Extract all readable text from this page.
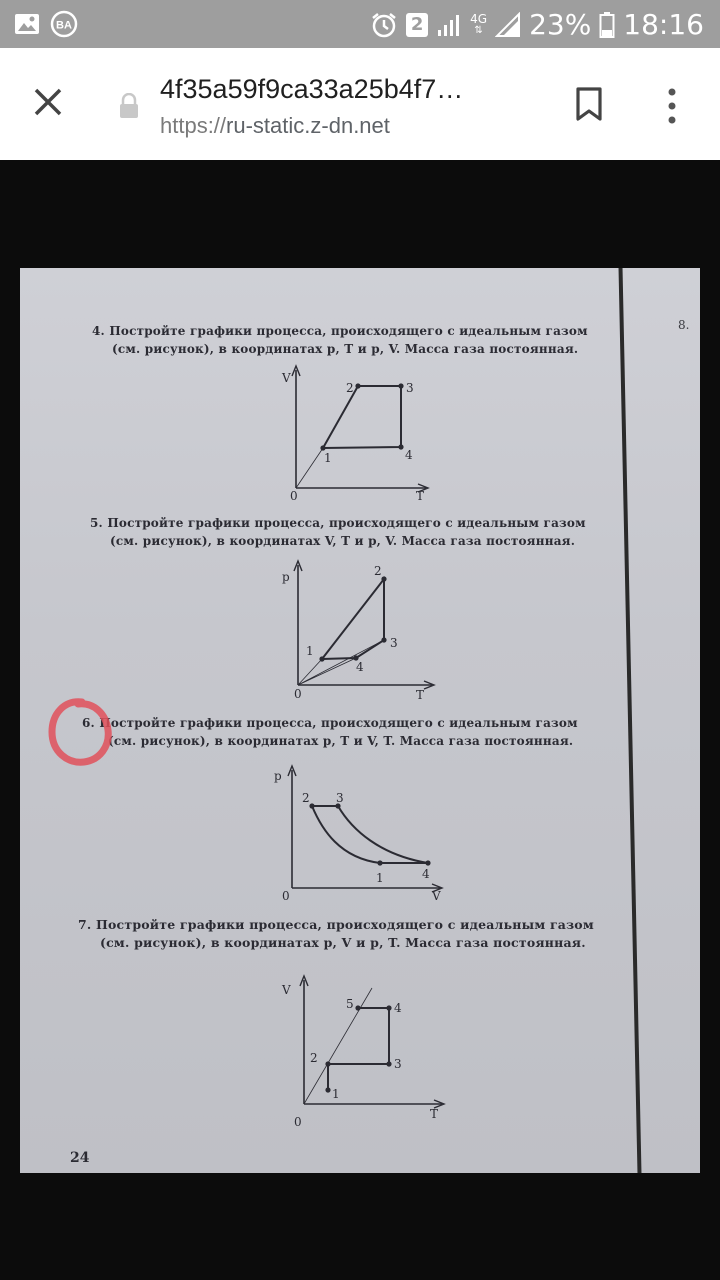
BA	2	4G
⇅ 23% 18:16
4f35a59f9ca33a25b4f7…
https://ru-static.z-dn.net
8.
4. Постройте графики процесса, происходящего с идеальным газом
(см. рисунок), в координатах p, T и p, V. Масса газа постоянная.
V
T
0
1
2	3
4
5. Постройте графики процесса, происходящего с идеальным газом
(см. рисунок), в координатах V, T и p, V. Масса газа постоянная.
p
T
0
1
2
3
4
6. Постройте графики процесса, происходящего с идеальным газом
(см. рисунок), в координатах p, T и V, T. Масса газа постоянная.
p
V
0
1
2 3
4
7. Постройте графики процесса, происходящего с идеальным газом
(см. рисунок), в координатах p, V и p, T. Масса газа постоянная.
V
T
0
1
2	3
4
5
24
